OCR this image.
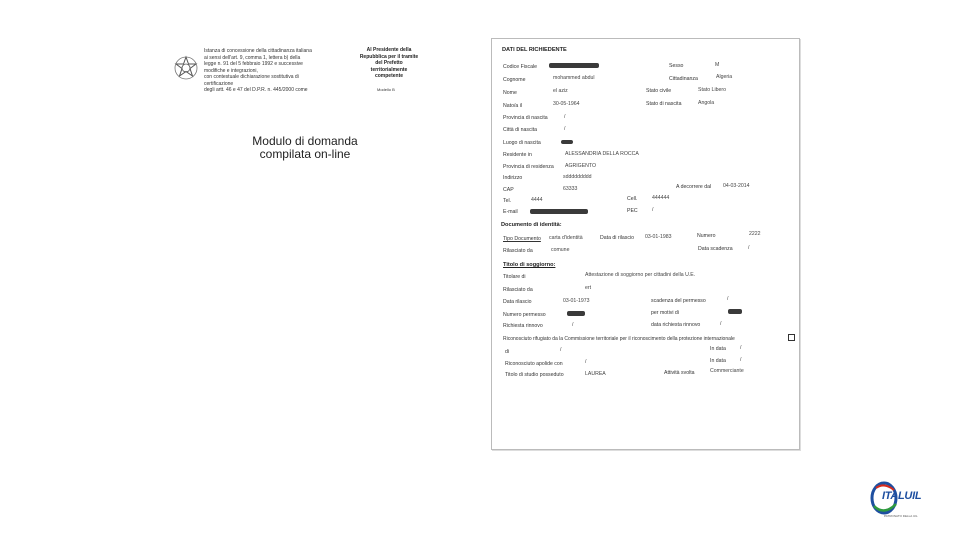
Istanza di concessione della cittadinanza italiana
ai sensi dell'art. 9, comma 1, lettera b) della
legge n. 91 del 5 febbraio 1992 e successive modifiche e integrazioni,
con contestuale dichiarazione sostitutiva di certificazione
degli artt. 46 e 47 del D.P.R. n. 445/2000 come
Al Presidente della
Repubblica per il tramite
del Prefetto
territorialmente
competente
Modello B
Modulo di domanda
compilata on-line
DATI DEL RICHIEDENTE
Codice Fiscale	Sesso	M
Cognome	mohammed abdul	Cittadinanza	Algeria
Nome	el aziz	Stato civile	Stato Libero
Nato/a il	30-05-1964	Stato di nascita	Angola
Provincia di nascita	/
Città di nascita	/
Luogo di nascita
Residente in	ALESSANDRIA DELLA ROCCA
Provincia di residenza AGRIGENTO
Indirizzo	sddddddddd
CAP	63333	A decorrere dal 04-03-2014
Tel.	4444	Cell.	444444
E-mail	PEC	/
Documento di identità:
Tipo Documento carta d'identità	Data di rilascio 03-01-1983	Numero	2222
Rilasciato da	comune	Data scadenza	/
Titolo di soggiorno:
Titolare di	Attestazione di soggiorno per cittadini della U.E.
Rilasciato da	ert
Data rilascio	03-01-1973	scadenza del permesso	/
Numero permesso	per motivi di
Richiesta rinnovo	/	data richiesta rinnovo	/
Riconosciuto rifugiato da la Commissione territoriale per il riconoscimento della protezione internazionale
di	/	In data	/
Riconosciuto apolide con	/	In data	/
Titolo di studio posseduto	LAUREA	Attività svolta	Commerciante
ITALUIL
PATRONATO DELLA UIL
